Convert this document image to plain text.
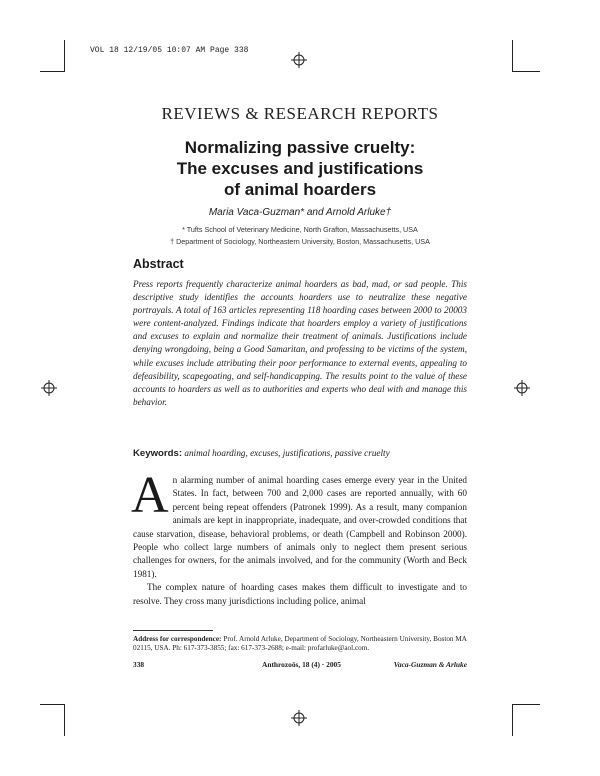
VOL 18 12/19/05 10:07 AM Page 338
REVIEWS & RESEARCH REPORTS
Normalizing passive cruelty:
The excuses and justifications
of animal hoarders
Maria Vaca-Guzman* and Arnold Arluke†
* Tufts School of Veterinary Medicine, North Grafton, Massachusetts, USA
† Department of Sociology, Northeastern University, Boston, Massachusetts, USA
Abstract
Press reports frequently characterize animal hoarders as bad, mad, or sad people. This descriptive study identifies the accounts hoarders use to neutralize these negative portrayals. A total of 163 articles representing 118 hoarding cases between 2000 to 20003 were content-analyzed. Findings indicate that hoarders employ a variety of justifications and excuses to explain and normalize their treatment of animals. Justifications include denying wrongdoing, being a Good Samaritan, and professing to be victims of the system, while excuses include attributing their poor performance to external events, appealing to defeasibility, scapegoating, and self-handicapping. The results point to the value of these accounts to hoarders as well as to authorities and experts who deal with and manage this behavior.
Keywords: animal hoarding, excuses, justifications, passive cruelty

An alarming number of animal hoarding cases emerge every year in the United States. In fact, between 700 and 2,000 cases are reported annually, with 60 percent being repeat offenders (Patronek 1999). As a result, many companion animals are kept in inappropriate, inadequate, and over-crowded conditions that cause starvation, disease, behavioral problems, or death (Campbell and Robinson 2000). People who collect large numbers of animals only to neglect them present serious challenges for owners, for the animals involved, and for the community (Worth and Beck 1981).

The complex nature of hoarding cases makes them difficult to investigate and to resolve. They cross many jurisdictions including police, animal

Address for correspondence: Prof. Arnold Arluke, Department of Sociology, Northeastern University, Boston MA 02115, USA. Ph: 617-373-3855; fax: 617-373-2688; e-mail: profarluke@aol.com.
338	Anthrozoös, 18 (4) · 2005	Vaca-Guzman & Arluke
